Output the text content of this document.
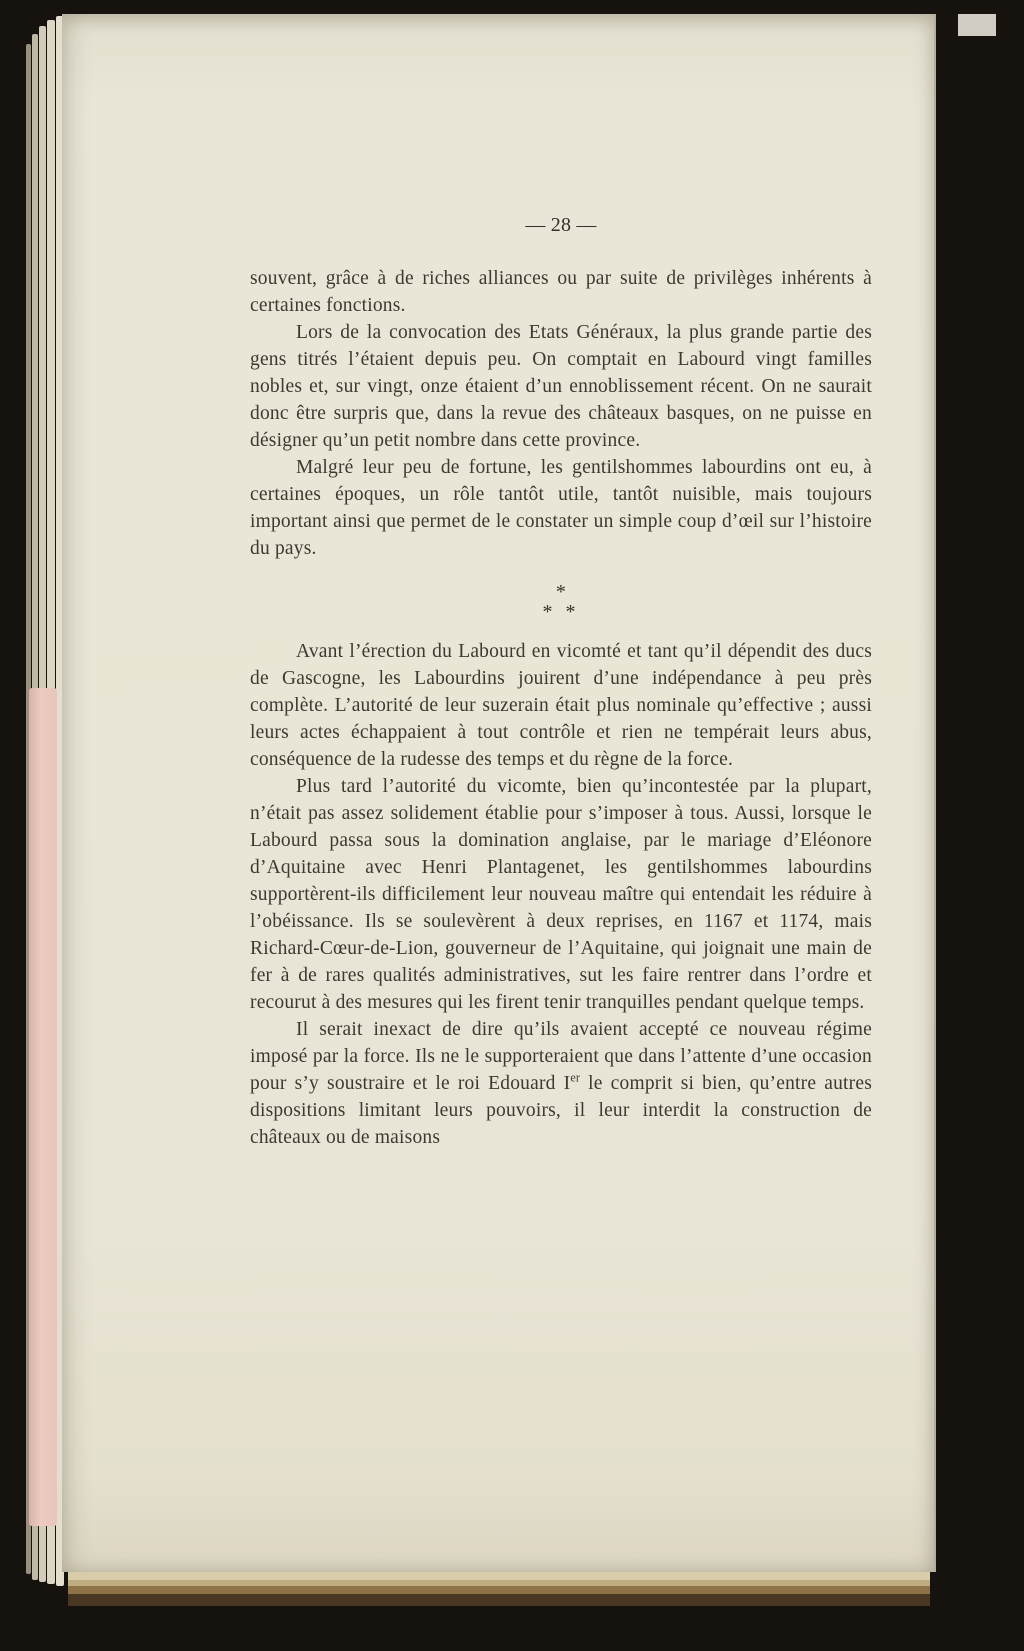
— 28 —

souvent, grâce à de riches alliances ou par suite de privilèges inhérents à certaines fonctions.

Lors de la convocation des Etats Généraux, la plus grande partie des gens titrés l’étaient depuis peu. On comptait en Labourd vingt familles nobles et, sur vingt, onze étaient d’un ennoblissement récent. On ne saurait donc être surpris que, dans la revue des châteaux basques, on ne puisse en désigner qu’un petit nombre dans cette province.

Malgré leur peu de fortune, les gentilshommes labourdins ont eu, à certaines époques, un rôle tantôt utile, tantôt nuisible, mais toujours important ainsi que permet de le constater un simple coup d’œil sur l’histoire du pays.

*
* *

Avant l’érection du Labourd en vicomté et tant qu’il dépendit des ducs de Gascogne, les Labourdins jouirent d’une indépendance à peu près complète. L’autorité de leur suzerain était plus nominale qu’effective ; aussi leurs actes échappaient à tout contrôle et rien ne tempérait leurs abus, conséquence de la rudesse des temps et du règne de la force.

Plus tard l’autorité du vicomte, bien qu’incontestée par la plupart, n’était pas assez solidement établie pour s’imposer à tous. Aussi, lorsque le Labourd passa sous la domination anglaise, par le mariage d’Eléonore d’Aquitaine avec Henri Plantagenet, les gentilshommes labourdins supportèrent-ils difficilement leur nouveau maître qui entendait les réduire à l’obéissance. Ils se soulevèrent à deux reprises, en 1167 et 1174, mais Richard-Cœur-de-Lion, gouverneur de l’Aquitaine, qui joignait une main de fer à de rares qualités administratives, sut les faire rentrer dans l’ordre et recourut à des mesures qui les firent tenir tranquilles pendant quelque temps.

Il serait inexact de dire qu’ils avaient accepté ce nouveau régime imposé par la force. Ils ne le supporteraient que dans l’attente d’une occasion pour s’y soustraire et le roi Edouard Ier le comprit si bien, qu’entre autres dispositions limitant leurs pouvoirs, il leur interdit la construction de châteaux ou de maisons
